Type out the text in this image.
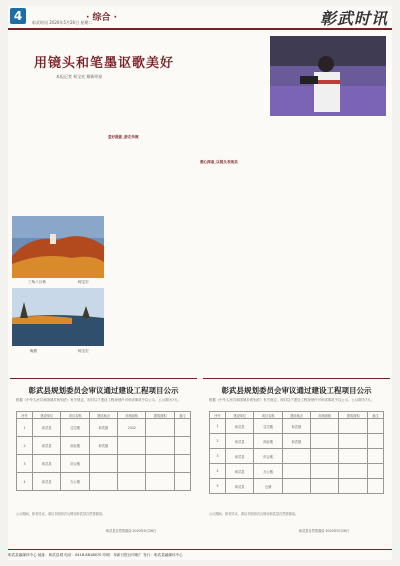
4	· 综合 ·
彰武时讯 2020年5月26日 星期二	彰武时讯
用镜头和笔墨讴歌美好
本报记者 柯宝宏 耀新明星

三角八月秋	柯宝宏
晚照	柯宝宏

爱好摄影_游走传媒

潜心探索_以镜头表现美

彰武县规划委员会审议通过建设工程项目公示
根据《中华人民共和国城乡规划法》有关规定，现对以下建设工程规划许可申请事项予以公示，公示期为7天。
序号	建设单位	项目名称	建设地点	用地面积	建筑面积	备注
1	彰武县	住宅楼	彰武镇	2342		
2	彰武县	商业楼	彰武镇			
3	彰武县	综合楼				
4	彰武县	办公楼				
公示期间，如有异议，请以书面形式反映至彰武县自然资源局。
彰武县自然资源局 2020年5月26日
彰武县规划委员会审议通过建设工程项目公示
根据《中华人民共和国城乡规划法》有关规定，现对以下建设工程规划许可申请事项予以公示，公示期为7天。
序号	建设单位	项目名称	建设地点	用地面积	建筑面积	备注
1	彰武县	住宅楼	彰武镇			
2	彰武县	商业楼	彰武镇			
3	彰武县	综合楼				
4	彰武县	办公楼				
5	彰武县	仓储				
公示期间，如有异议，请以书面形式反映至彰武县自然资源局。
彰武县自然资源局 2020年5月26日
彰武县融媒体中心 地址：彰武县城 电话：0418-8818870 印刷：阜新日报社印刷厂 发行：彰武县融媒体中心
